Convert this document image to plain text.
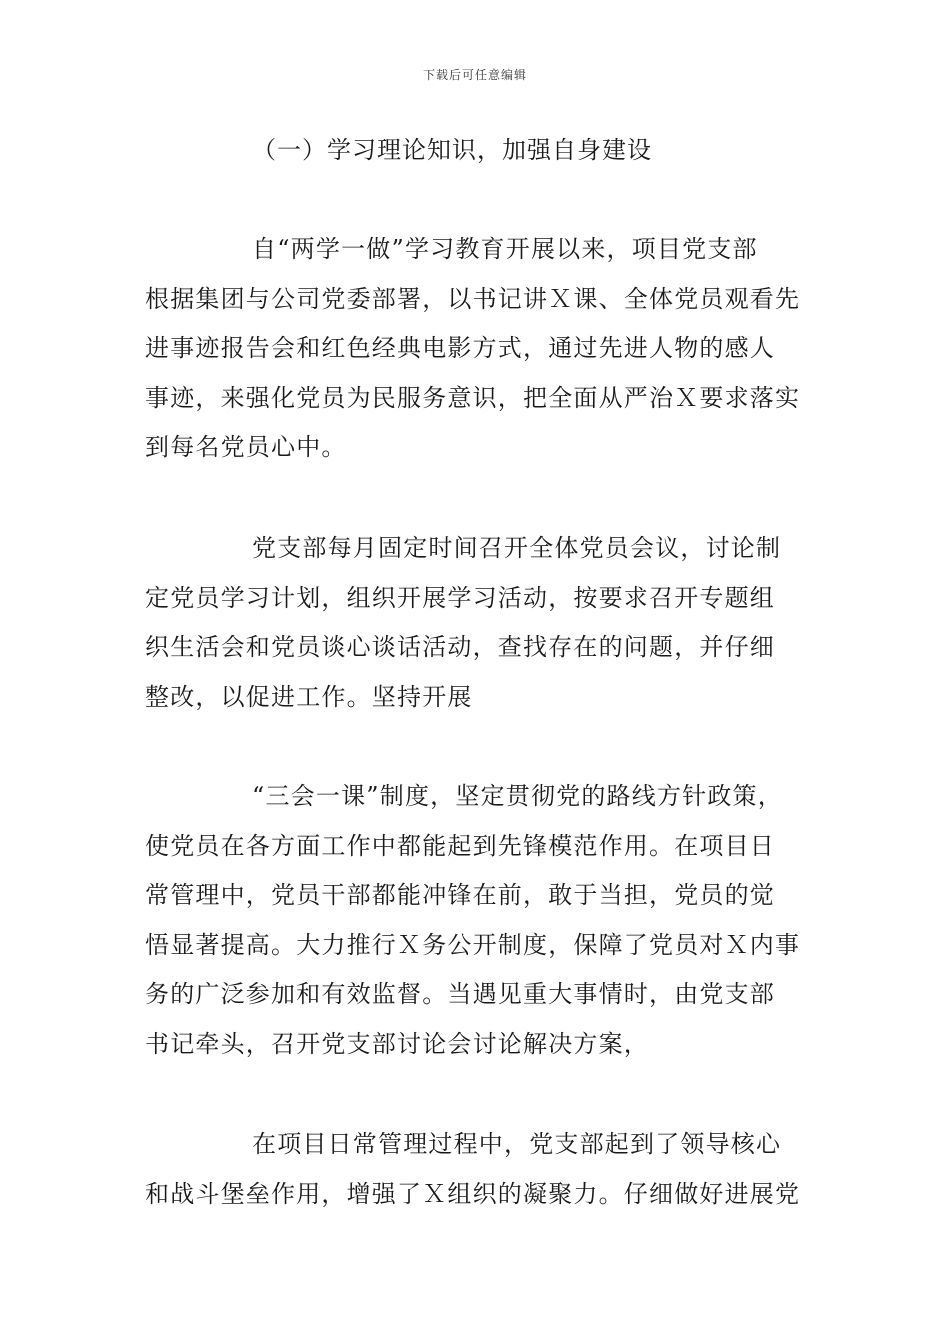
下载后可任意编辑
（一）学习理论知识，加强自身建设
自“两学一做”学习教育开展以来，项目党支部
根据集团与公司党委部署，以书记讲Ｘ课、全体党员观看先
进事迹报告会和红色经典电影方式，通过先进人物的感人
事迹，来强化党员为民服务意识，把全面从严治Ｘ要求落实
到每名党员心中。
党支部每月固定时间召开全体党员会议，讨论制
定党员学习计划，组织开展学习活动，按要求召开专题组
织生活会和党员谈心谈话活动，查找存在的问题，并仔细
整改，以促进工作。坚持开展
“三会一课”制度，坚定贯彻党的路线方针政策，
使党员在各方面工作中都能起到先锋模范作用。在项目日
常管理中，党员干部都能冲锋在前，敢于当担，党员的觉
悟显著提高。大力推行Ｘ务公开制度，保障了党员对Ｘ内事
务的广泛参加和有效监督。当遇见重大事情时，由党支部
书记牵头，召开党支部讨论会讨论解决方案，
在项目日常管理过程中，党支部起到了领导核心
和战斗堡垒作用，增强了Ｘ组织的凝聚力。仔细做好进展党
